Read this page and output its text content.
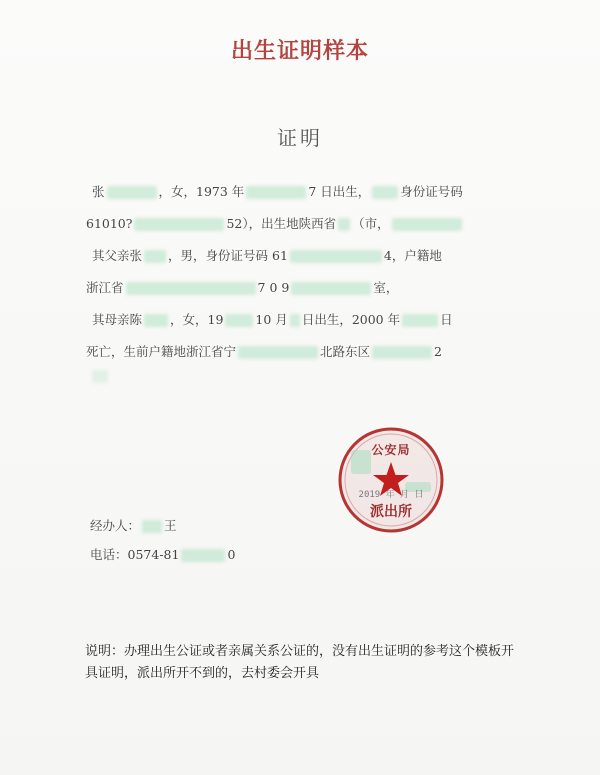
出生证明样本
证明
张	，女，1973 年	7 日出生， 身份证号码
61010?	52），出生地陕西省 （市，
其父亲张 ，男，身份证号码 61	4，户籍地
浙江省	7 0 9	室，
其母亲陈 ，女，19	10 月 日出生，2000 年	日
死亡，生前户籍地浙江省宁	北路东区	2
公安局
2019 年 月 日
派出所
经办人： 王
电话：0574-81	0
说明：办理出生公证或者亲属关系公证的，没有出生证明的参考这个模板开具证明，派出所开不到的，去村委会开具
